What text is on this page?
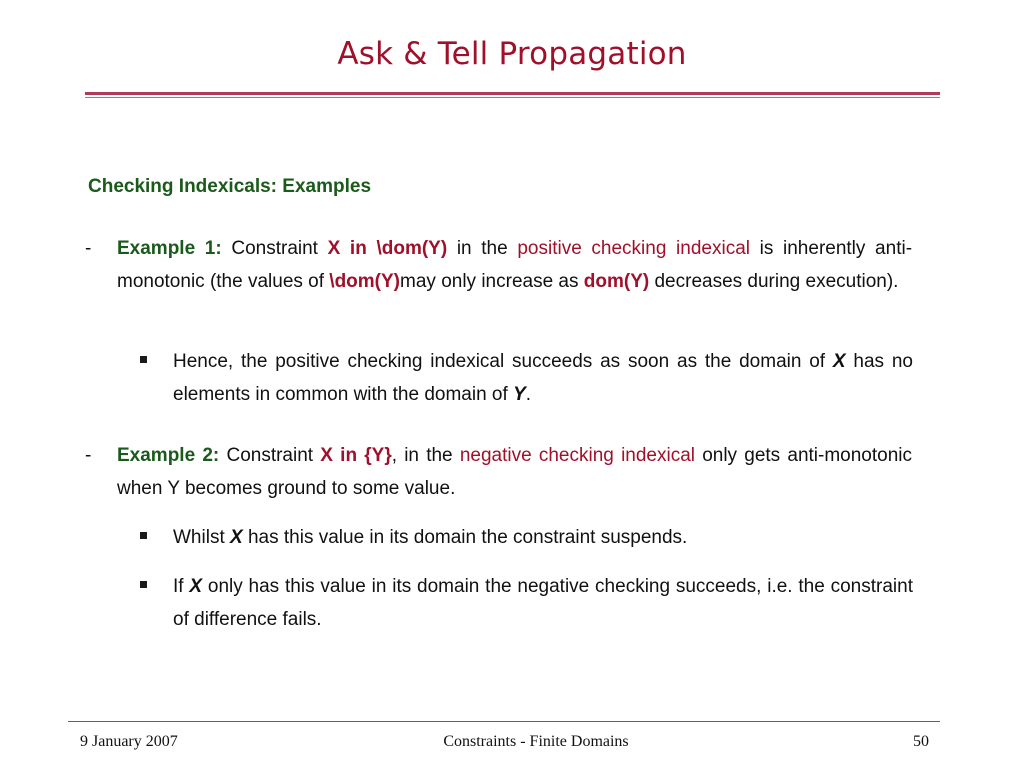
Ask & Tell Propagation
Checking Indexicals: Examples
- Example 1: Constraint X in \dom(Y) in the positive checking indexical is inherently anti-monotonic (the values of \dom(Y)may only increase as dom(Y) decreases during execution).
Hence, the positive checking indexical succeeds as soon as the domain of X has no elements in common with the domain of Y.
- Example 2: Constraint X in {Y}, in the negative checking indexical only gets anti-monotonic when Y becomes ground to some value.
Whilst X has this value in its domain the constraint suspends.
If X only has this value in its domain the negative checking succeeds, i.e. the constraint of difference fails.
9 January 2007	Constraints - Finite Domains	50
